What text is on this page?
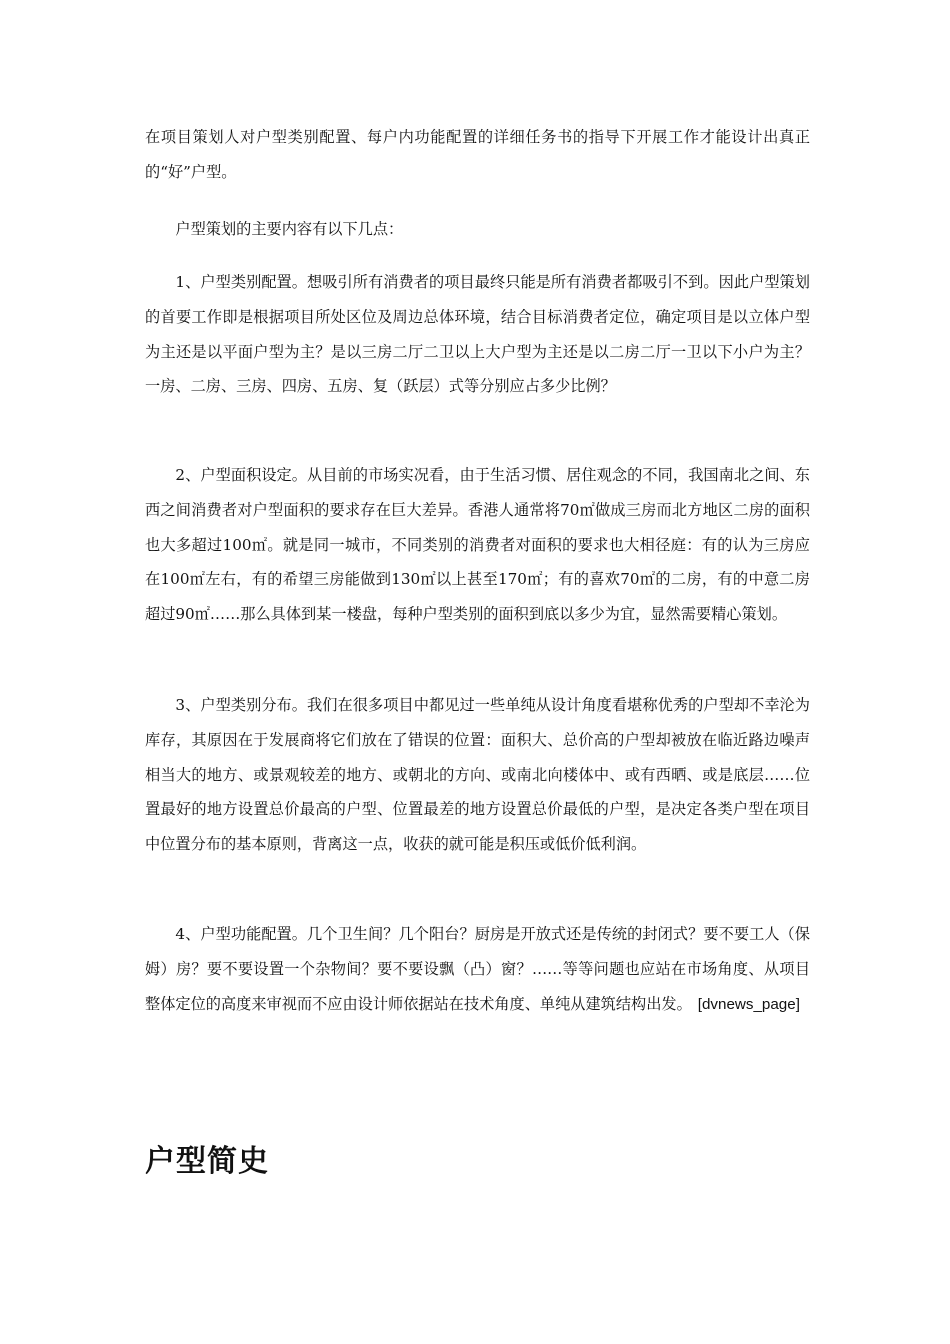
在项目策划人对户型类别配置、每户内功能配置的详细任务书的指导下开展工作才能设计出真正的“好”户型。

户型策划的主要内容有以下几点：

1、户型类别配置。想吸引所有消费者的项目最终只能是所有消费者都吸引不到。因此户型策划的首要工作即是根据项目所处区位及周边总体环境，结合目标消费者定位，确定项目是以立体户型为主还是以平面户型为主？是以三房二厅二卫以上大户型为主还是以二房二厅一卫以下小户为主？一房、二房、三房、四房、五房、复（跃层）式等分别应占多少比例？

2、户型面积设定。从目前的市场实况看，由于生活习惯、居住观念的不同，我国南北之间、东西之间消费者对户型面积的要求存在巨大差异。香港人通常将70㎡做成三房而北方地区二房的面积也大多超过100㎡。就是同一城市，不同类别的消费者对面积的要求也大相径庭：有的认为三房应在100㎡左右，有的希望三房能做到130㎡以上甚至170㎡；有的喜欢70㎡的二房，有的中意二房超过90㎡……那么具体到某一楼盘，每种户型类别的面积到底以多少为宜，显然需要精心策划。

3、户型类别分布。我们在很多项目中都见过一些单纯从设计角度看堪称优秀的户型却不幸沦为库存，其原因在于发展商将它们放在了错误的位置：面积大、总价高的户型却被放在临近路边噪声相当大的地方、或景观较差的地方、或朝北的方向、或南北向楼体中、或有西晒、或是底层……位置最好的地方设置总价最高的户型、位置最差的地方设置总价最低的户型，是决定各类户型在项目中位置分布的基本原则，背离这一点，收获的就可能是积压或低价低利润。

4、户型功能配置。几个卫生间？几个阳台？厨房是开放式还是传统的封闭式？要不要工人（保姆）房？要不要设置一个杂物间？要不要设飘（凸）窗？……等等问题也应站在市场角度、从项目整体定位的高度来审视而不应由设计师依据站在技术角度、单纯从建筑结构出发。 [dvnews_page]

户型简史
